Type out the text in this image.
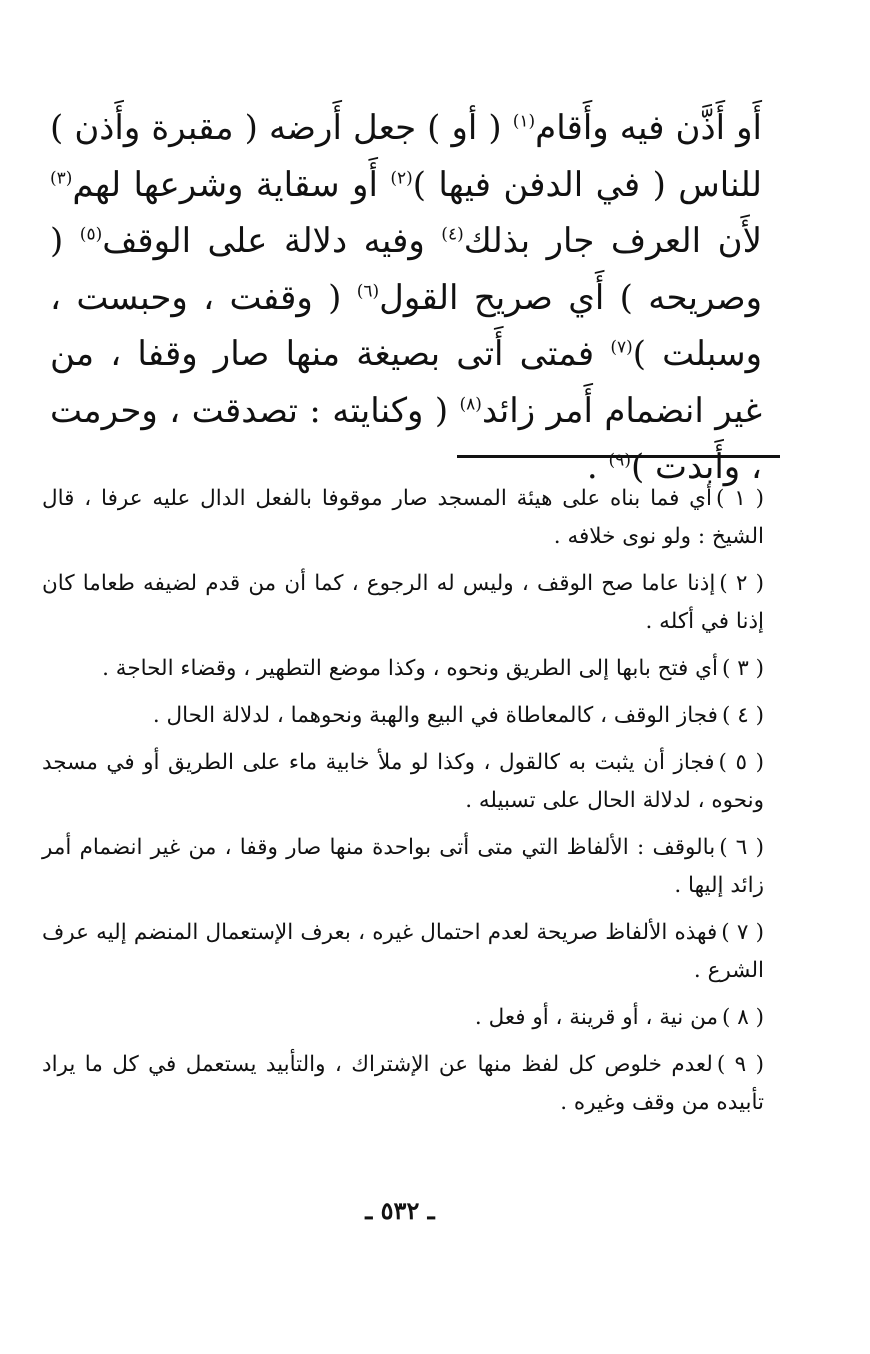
أَو أَذَّن فيه وأَقام$^{(١)}$ ( أو ) جعل أَرضه ( مقبرة وأَذن ) للناس ( في الدفن فيها )$^{(٢)}$ أَو سقاية وشرعها لهم$^{(٣)}$ لأَن العرف جار بذلك$^{(٤)}$ وفيه دلالة على الوقف$^{(٥)}$ ( وصريحه ) أَي صريح القول$^{(٦)}$ ( وقفت ، وحبست ، وسبلت )$^{(٧)}$ فمتى أَتى بصيغة منها صار وقفا ، من غير انضمام أَمر زائد$^{(٨)}$ ( وكنايته : تصدقت ، وحرمت ، وأَبدت )$^{(٩)}$ .

( ١ )أي فما بناه على هيئة المسجد صار موقوفا بالفعل الدال عليه عرفا ، قال الشيخ : ولو نوى خلافه .

( ٢ )إذنا عاما صح الوقف ، وليس له الرجوع ، كما أن من قدم لضيفه طعاما كان إذنا في أكله .

( ٣ )أي فتح بابها إلى الطريق ونحوه ، وكذا موضع التطهير ، وقضاء الحاجة .

( ٤ )فجاز الوقف ، كالمعاطاة في البيع والهبة ونحوهما ، لدلالة الحال .

( ٥ )فجاز أن يثبت به كالقول ، وكذا لو ملأ خابية ماء على الطريق أو في مسجد ونحوه ، لدلالة الحال على تسبيله .

( ٦ )بالوقف : الألفاظ التي متى أتى بواحدة منها صار وقفا ، من غير انضمام أمر زائد إليها .

( ٧ )فهذه الألفاظ صريحة لعدم احتمال غيره ، بعرف الإستعمال المنضم إليه عرف الشرع .

( ٨ )من نية ، أو قرينة ، أو فعل .

( ٩ )لعدم خلوص كل لفظ منها عن الإشتراك ، والتأبيد يستعمل في كل ما يراد تأبيده من وقف وغيره .

ـ ٥٣٢ ـ
